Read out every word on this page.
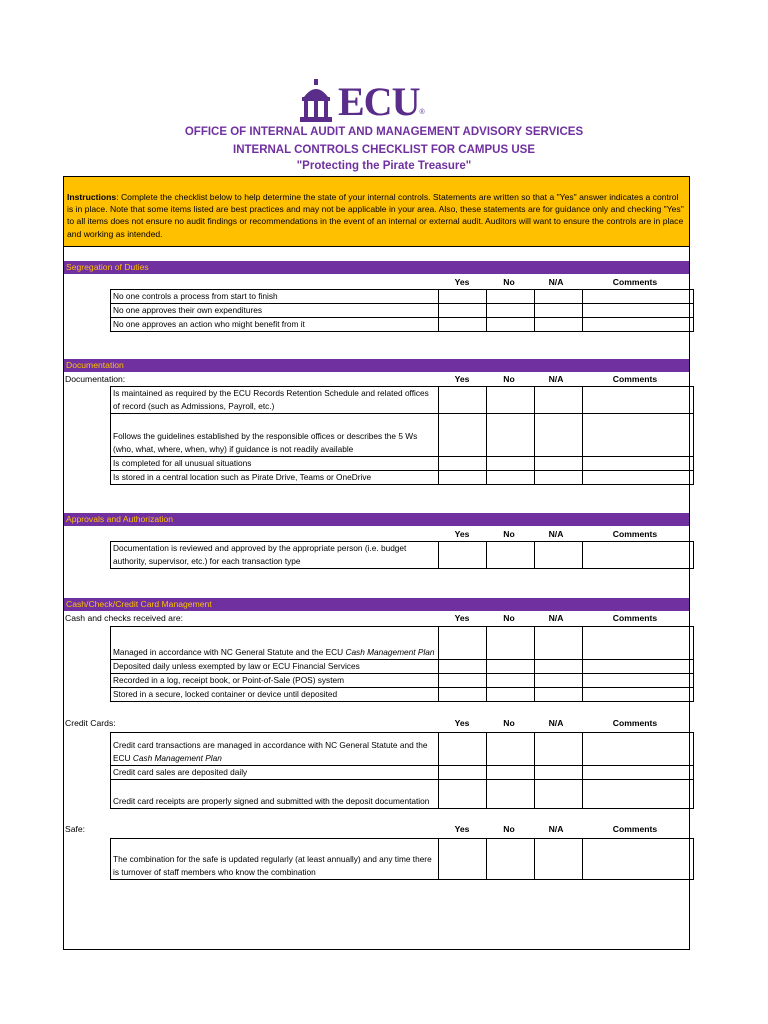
$ECU_®$
OFFICE OF INTERNAL AUDIT AND MANAGEMENT ADVISORY SERVICES
INTERNAL CONTROLS CHECKLIST FOR CAMPUS USE
"Protecting the Pirate Treasure"
Instructions: Complete the checklist below to help determine the state of your internal controls. Statements are written so that a "Yes" answer indicates a control is in place. Note that some items listed are best practices and may not be applicable in your area. Also, these statements are for guidance only and checking "Yes" to all items does not ensure no audit findings or recommendations in the event of an internal or external audit. Auditors will want to ensure the controls are in place and working as intended.
Segregation of Duties
Yes	No	N/A	Comments
No one controls a process from start to finish				
No one approves their own expenditures				
No one approves an action who might benefit from it				
Documentation
Documentation:	Yes	No	N/A	Comments
Is maintained as required by the ECU Records Retention Schedule and related offices of record (such as Admissions, Payroll, etc.)				
Follows the guidelines established by the responsible offices or describes the 5 Ws (who, what, where, when, why) if guidance is not readily available				
Is completed for all unusual situations				
Is stored in a central location such as Pirate Drive, Teams or OneDrive				
Approvals and Authorization
Yes	No	N/A	Comments
Documentation is reviewed and approved by the appropriate person (i.e. budget authority, supervisor, etc.) for each transaction type				
Cash/Check/Credit Card Management
Cash and checks received are:	Yes	No	N/A	Comments
Managed in accordance with NC General Statute and the ECU Cash Management Plan				
Deposited daily unless exempted by law or ECU Financial Services				
Recorded in a log, receipt book, or Point-of-Sale (POS) system				
Stored in a secure, locked container or device until deposited				
Credit Cards:	Yes	No	N/A	Comments
Credit card transactions are managed in accordance with NC General Statute and the ECU Cash Management Plan				
Credit card sales are deposited daily				
Credit card receipts are properly signed and submitted with the deposit documentation				
Safe:	Yes	No	N/A	Comments
The combination for the safe is updated regularly (at least annually) and any time there is turnover of staff members who know the combination				
